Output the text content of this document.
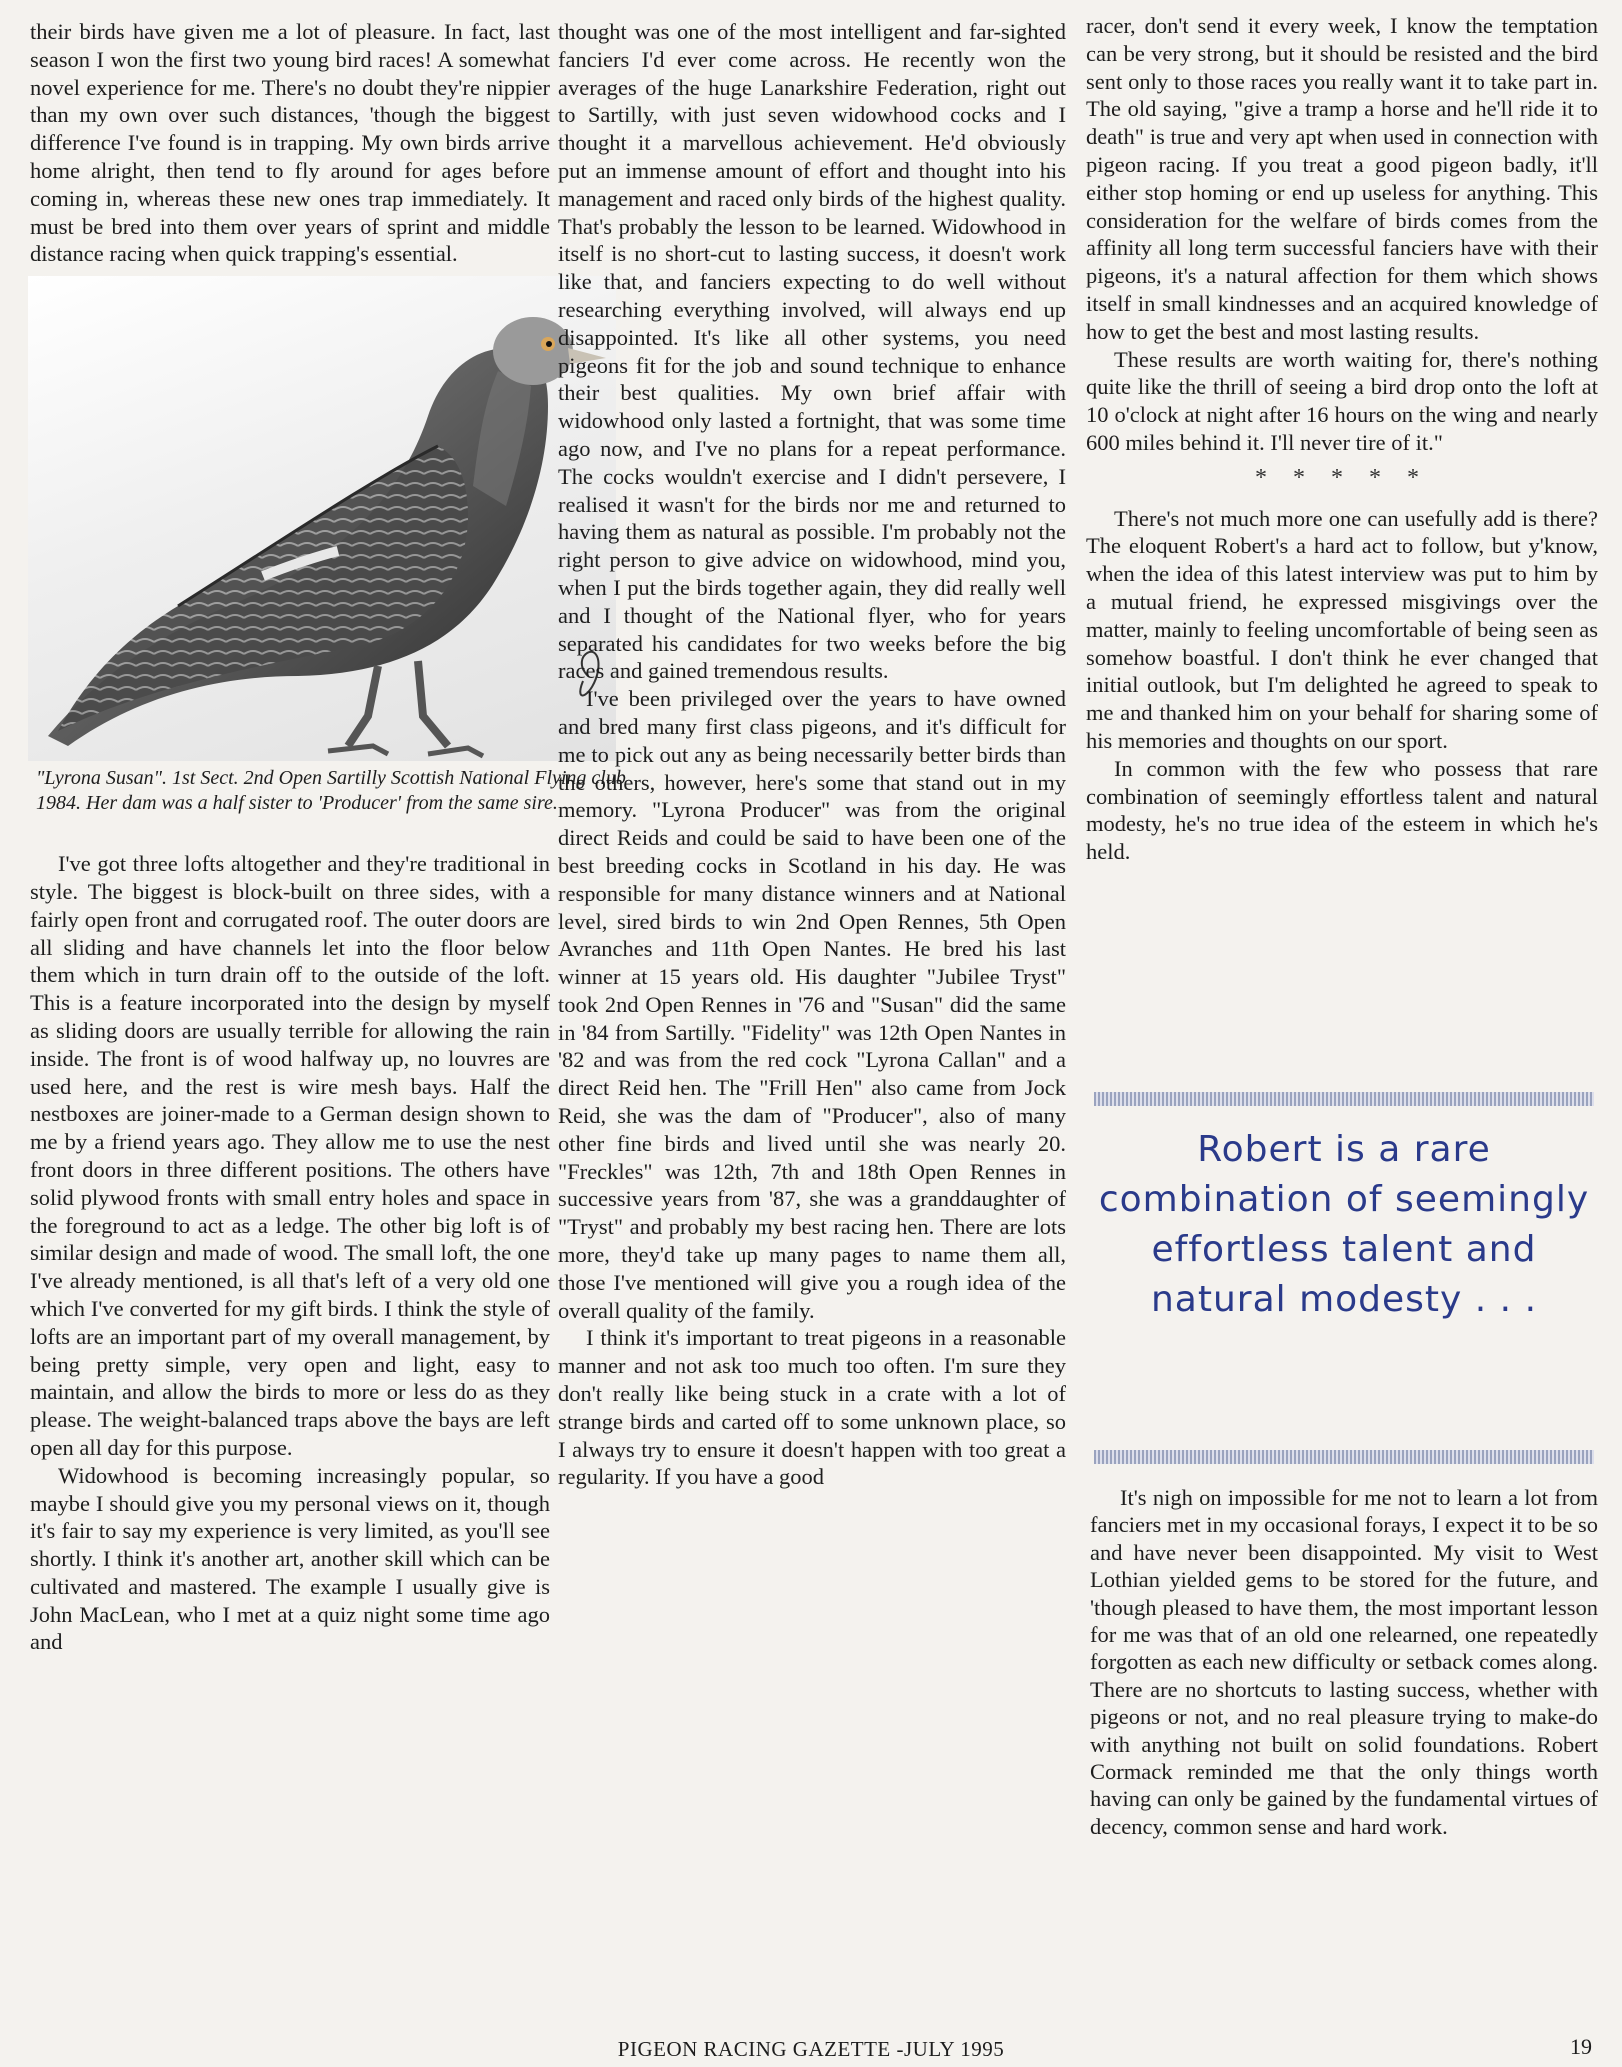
their birds have given me a lot of pleasure. In fact, last season I won the first two young bird races! A somewhat novel experience for me. There's no doubt they're nippier than my own over such distances, 'though the biggest difference I've found is in trapping. My own birds arrive home alright, then tend to fly around for ages before coming in, whereas these new ones trap immediately. It must be bred into them over years of sprint and middle distance racing when quick trapping's essential.

"Lyrona Susan". 1st Sect. 2nd Open Sartilly Scottish National Flying club 1984. Her dam was a half sister to 'Producer' from the same sire.

I've got three lofts altogether and they're traditional in style. The biggest is block-built on three sides, with a fairly open front and corrugated roof. The outer doors are all sliding and have channels let into the floor below them which in turn drain off to the outside of the loft. This is a feature incorporated into the design by myself as sliding doors are usually terrible for allowing the rain inside. The front is of wood halfway up, no louvres are used here, and the rest is wire mesh bays. Half the nestboxes are joiner-made to a German design shown to me by a friend years ago. They allow me to use the nest front doors in three different positions. The others have solid plywood fronts with small entry holes and space in the foreground to act as a ledge. The other big loft is of similar design and made of wood. The small loft, the one I've already mentioned, is all that's left of a very old one which I've converted for my gift birds. I think the style of lofts are an important part of my overall management, by being pretty simple, very open and light, easy to maintain, and allow the birds to more or less do as they please. The weight-balanced traps above the bays are left open all day for this purpose.

Widowhood is becoming increasingly popular, so maybe I should give you my personal views on it, though it's fair to say my experience is very limited, as you'll see shortly. I think it's another art, another skill which can be cultivated and mastered. The example I usually give is John MacLean, who I met at a quiz night some time ago and

thought was one of the most intelligent and far-sighted fanciers I'd ever come across. He recently won the averages of the huge Lanarkshire Federation, right out to Sartilly, with just seven widowhood cocks and I thought it a marvellous achievement. He'd obviously put an immense amount of effort and thought into his management and raced only birds of the highest quality. That's probably the lesson to be learned. Widowhood in itself is no short-cut to lasting success, it doesn't work like that, and fanciers expecting to do well without researching everything involved, will always end up disappointed. It's like all other systems, you need pigeons fit for the job and sound technique to enhance their best qualities. My own brief affair with widowhood only lasted a fortnight, that was some time ago now, and I've no plans for a repeat performance. The cocks wouldn't exercise and I didn't persevere, I realised it wasn't for the birds nor me and returned to having them as natural as possible. I'm probably not the right person to give advice on widowhood, mind you, when I put the birds together again, they did really well and I thought of the National flyer, who for years separated his candidates for two weeks before the big races and gained tremendous results.

I've been privileged over the years to have owned and bred many first class pigeons, and it's difficult for me to pick out any as being necessarily better birds than the others, however, here's some that stand out in my memory. "Lyrona Producer" was from the original direct Reids and could be said to have been one of the best breeding cocks in Scotland in his day. He was responsible for many distance winners and at National level, sired birds to win 2nd Open Rennes, 5th Open Avranches and 11th Open Nantes. He bred his last winner at 15 years old. His daughter "Jubilee Tryst" took 2nd Open Rennes in '76 and "Susan" did the same in '84 from Sartilly. "Fidelity" was 12th Open Nantes in '82 and was from the red cock "Lyrona Callan" and a direct Reid hen. The "Frill Hen" also came from Jock Reid, she was the dam of "Producer", also of many other fine birds and lived until she was nearly 20. "Freckles" was 12th, 7th and 18th Open Rennes in successive years from '87, she was a granddaughter of "Tryst" and probably my best racing hen. There are lots more, they'd take up many pages to name them all, those I've mentioned will give you a rough idea of the overall quality of the family.

I think it's important to treat pigeons in a reasonable manner and not ask too much too often. I'm sure they don't really like being stuck in a crate with a lot of strange birds and carted off to some unknown place, so I always try to ensure it doesn't happen with too great a regularity. If you have a good

racer, don't send it every week, I know the temptation can be very strong, but it should be resisted and the bird sent only to those races you really want it to take part in. The old saying, "give a tramp a horse and he'll ride it to death" is true and very apt when used in connection with pigeon racing. If you treat a good pigeon badly, it'll either stop homing or end up useless for anything. This consideration for the welfare of birds comes from the affinity all long term successful fanciers have with their pigeons, it's a natural affection for them which shows itself in small kindnesses and an acquired knowledge of how to get the best and most lasting results.

These results are worth waiting for, there's nothing quite like the thrill of seeing a bird drop onto the loft at 10 o'clock at night after 16 hours on the wing and nearly 600 miles behind it. I'll never tire of it."

* * * * *

There's not much more one can usefully add is there? The eloquent Robert's a hard act to follow, but y'know, when the idea of this latest interview was put to him by a mutual friend, he expressed misgivings over the matter, mainly to feeling uncomfortable of being seen as somehow boastful. I don't think he ever changed that initial outlook, but I'm delighted he agreed to speak to me and thanked him on your behalf for sharing some of his memories and thoughts on our sport.

In common with the few who possess that rare combination of seemingly effortless talent and natural modesty, he's no true idea of the esteem in which he's held.

Robert is a rare combination of seemingly effortless talent and natural modesty . . .

It's nigh on impossible for me not to learn a lot from fanciers met in my occasional forays, I expect it to be so and have never been disappointed. My visit to West Lothian yielded gems to be stored for the future, and 'though pleased to have them, the most important lesson for me was that of an old one relearned, one repeatedly forgotten as each new difficulty or setback comes along. There are no shortcuts to lasting success, whether with pigeons or not, and no real pleasure trying to make-do with anything not built on solid foundations. Robert Cormack reminded me that the only things worth having can only be gained by the fundamental virtues of decency, common sense and hard work.

PIGEON RACING GAZETTE -JULY 1995	19
